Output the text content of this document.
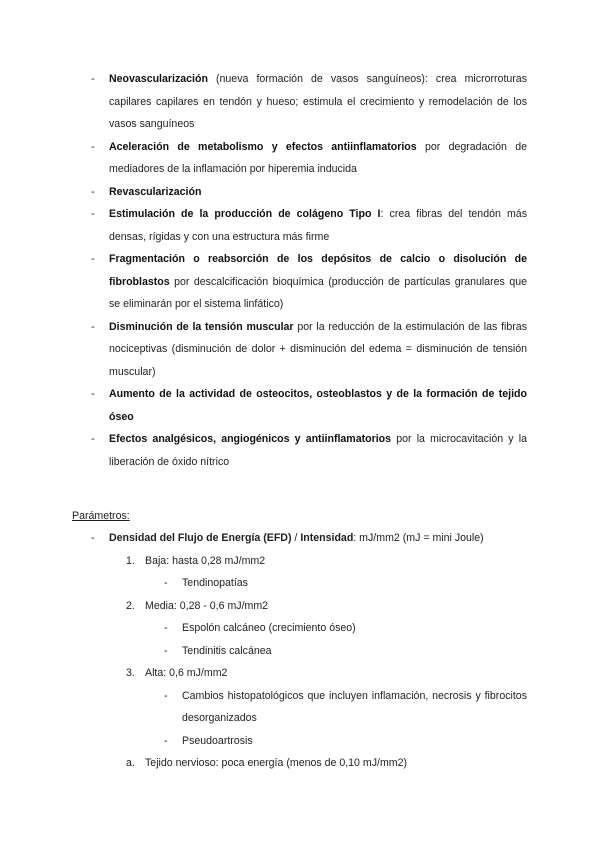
- Neovascularización (nueva formación de vasos sanguíneos): crea microrroturas capilares capilares en tendón y hueso; estimula el crecimiento y remodelación de los vasos sanguíneos
- Aceleración de metabolismo y efectos antiinflamatorios por degradación de mediadores de la inflamación por hiperemia inducida
- Revascularización
- Estimulación de la producción de colágeno Tipo I: crea fibras del tendón más densas, rígidas y con una estructura más firme
- Fragmentación o reabsorción de los depósitos de calcio o disolución de fibroblastos por descalcificación bioquímica (producción de partículas granulares que se eliminarán por el sistema linfático)
- Disminución de la tensión muscular por la reducción de la estimulación de las fibras nociceptivas (disminución de dolor + disminución del edema = disminución de tensión muscular)
- Aumento de la actividad de osteocitos, osteoblastos y de la formación de tejido óseo
- Efectos analgésicos, angiogénicos y antiinflamatorios por la microcavitación y la liberación de óxido nítrico
Parámetros:
- Densidad del Flujo de Energía (EFD) / Intensidad: mJ/mm2 (mJ = mini Joule)
1. Baja: hasta 0,28 mJ/mm2
- Tendinopatías
2. Media: 0,28 - 0,6 mJ/mm2
- Espolón calcáneo (crecimiento óseo)
- Tendinitis calcánea
3. Alta: 0,6 mJ/mm2
- Cambios histopatológicos que incluyen inflamación, necrosis y fibrocitos desorganizados
- Pseudoartrosis
a. Tejido nervioso: poca energía (menos de 0,10 mJ/mm2)
